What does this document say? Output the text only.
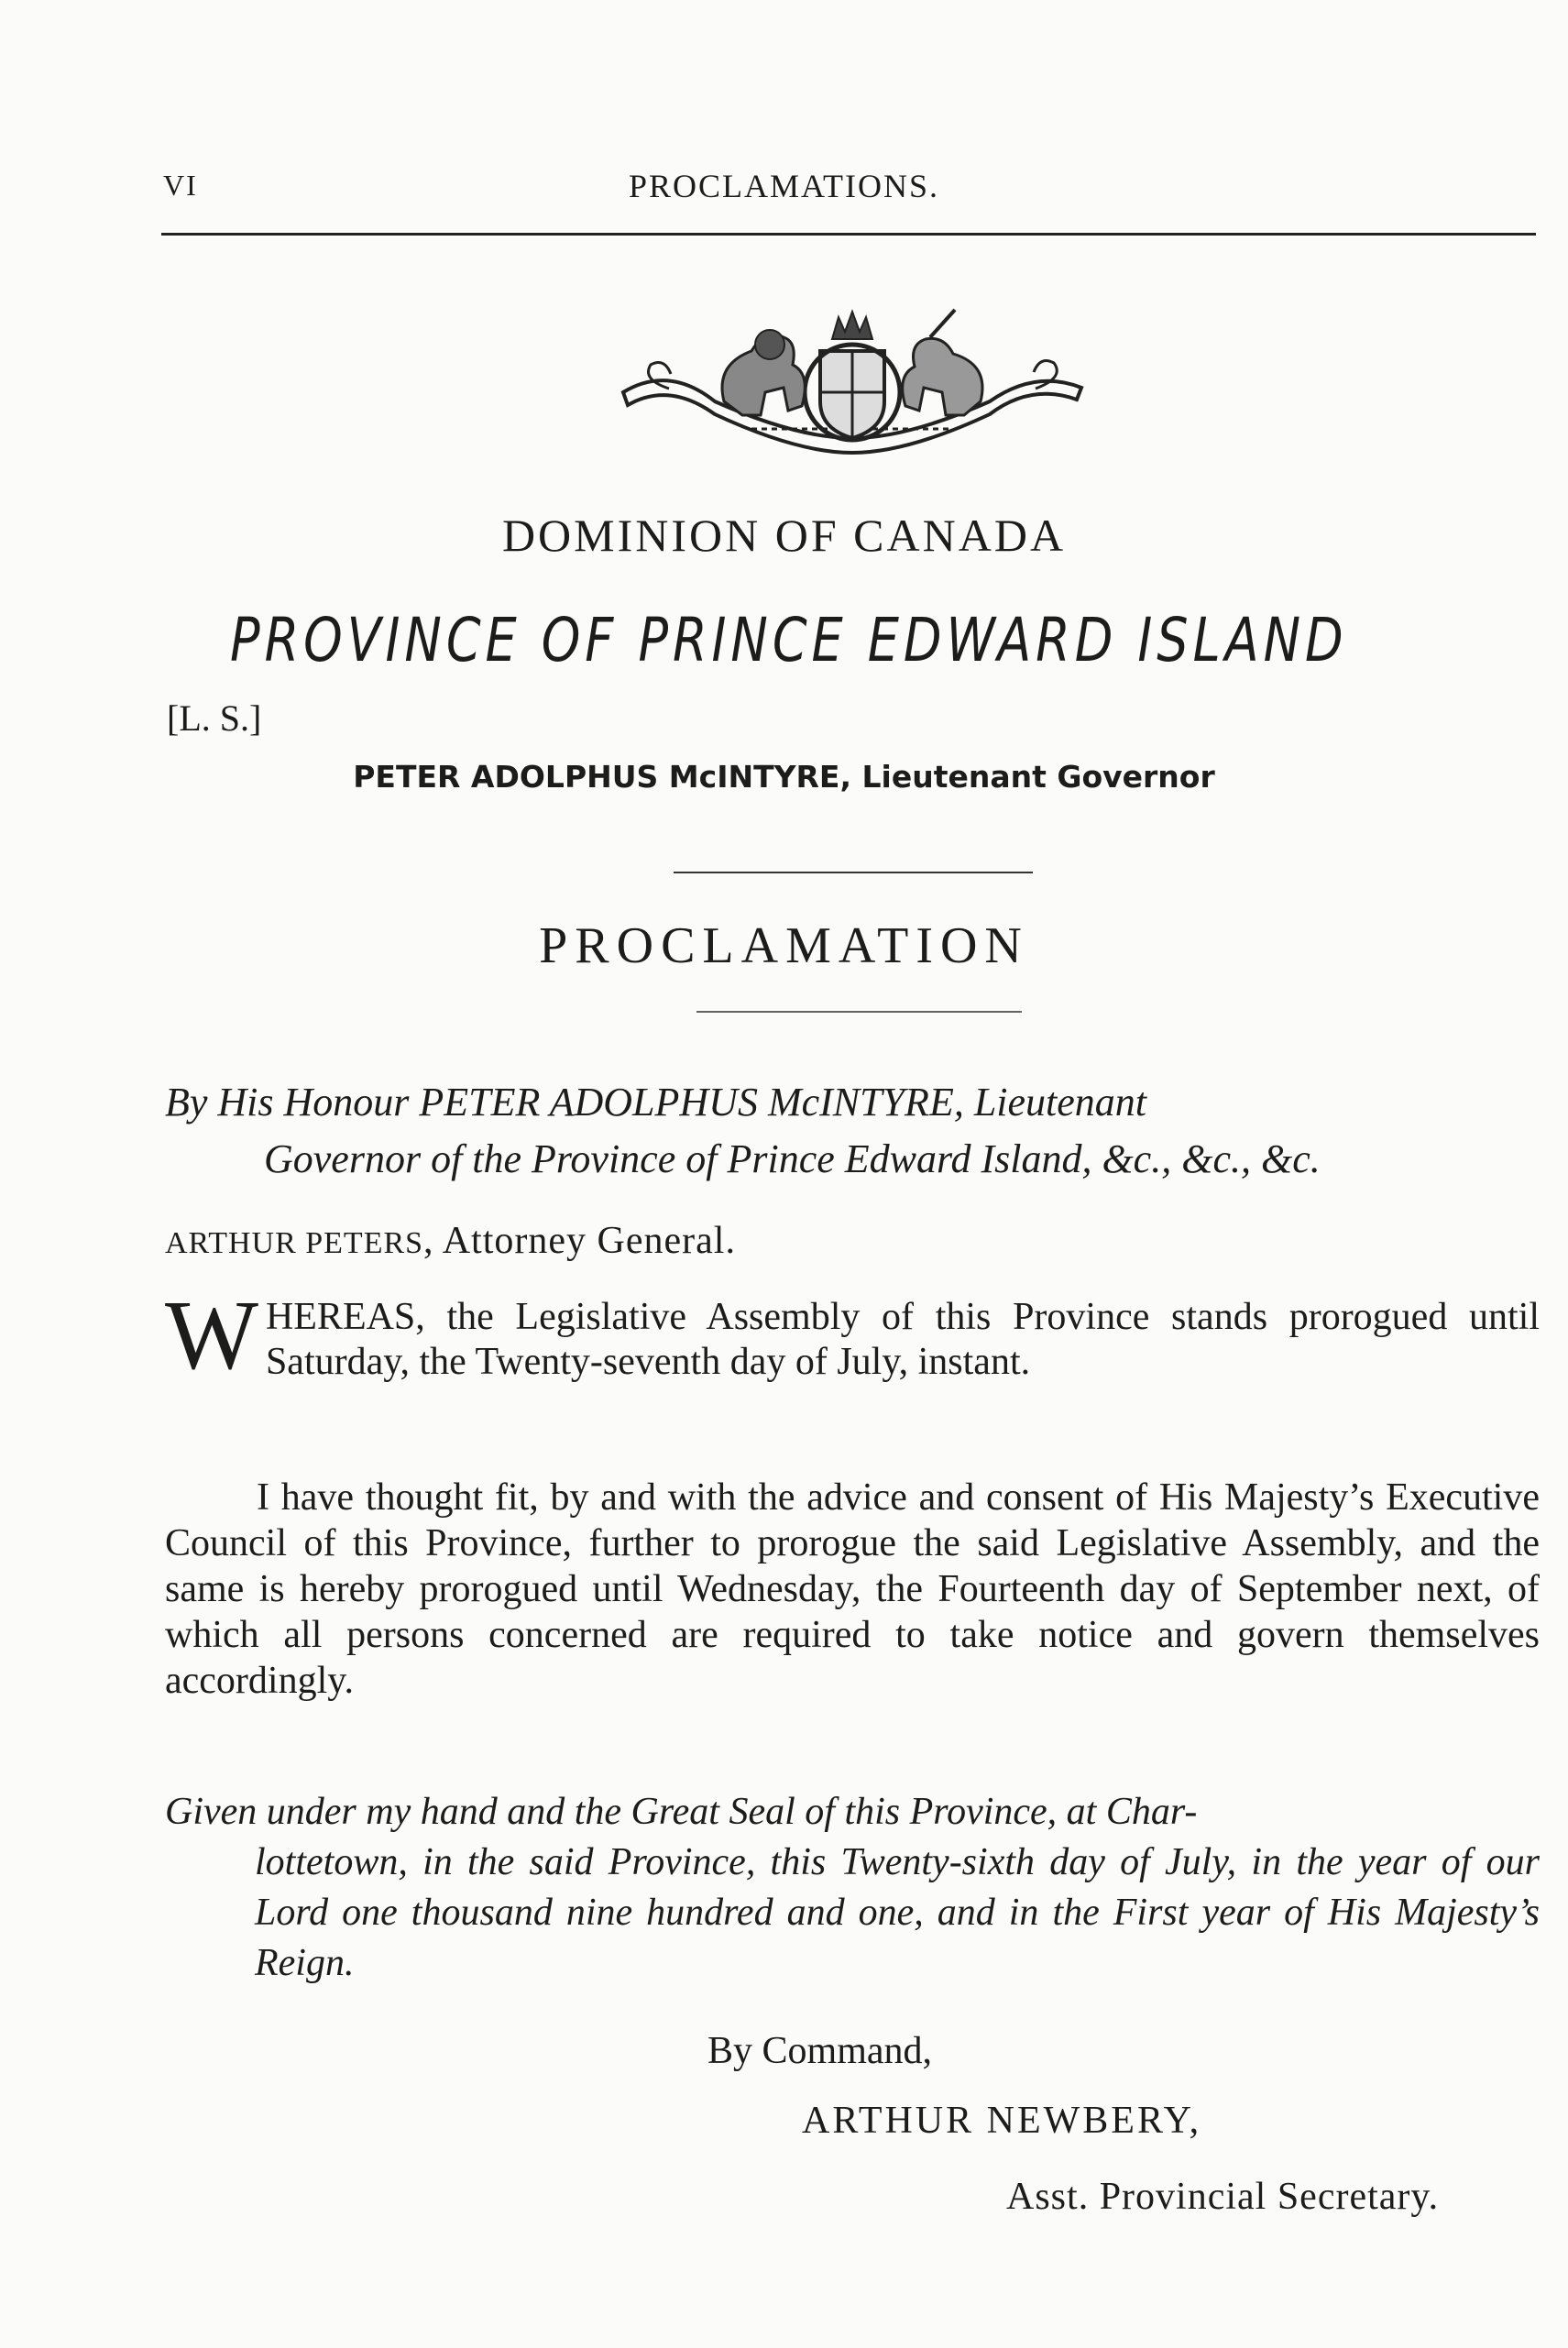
VI	PROCLAMATIONS.
DOMINION OF CANADA
PROVINCE OF PRINCE EDWARD ISLAND
[L. S.]
PETER ADOLPHUS McINTYRE, Lieutenant Governor
PROCLAMATION
By His Honour PETER ADOLPHUS McINTYRE, Lieutenant
Governor of the Province of Prince Edward Island, &c., &c., &c.
ARTHUR PETERS, Attorney General.
W HEREAS, the Legislative Assembly of this Province stands prorogued until Saturday, the Twenty-seventh day of July, instant.
I have thought fit, by and with the advice and consent of His Majesty’s Executive Council of this Province, further to prorogue the said Legislative Assembly, and the same is hereby prorogued until Wednesday, the Fourteenth day of September next, of which all persons concerned are required to take notice and govern themselves accordingly.
Given under my hand and the Great Seal of this Province, at Char-
lottetown, in the said Province, this Twenty-sixth day of July, in the year of our Lord one thousand nine hundred and one, and in the First year of His Majesty’s Reign.
By Command,
ARTHUR NEWBERY,
Asst. Provincial Secretary.
